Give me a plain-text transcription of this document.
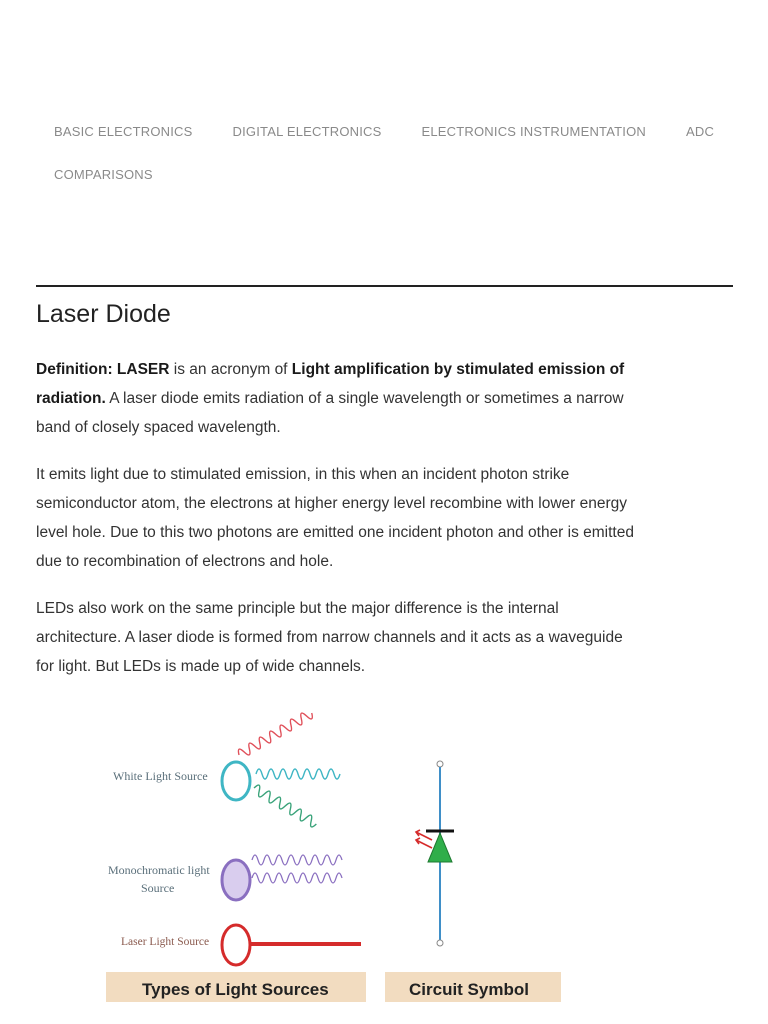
BASIC ELECTRONICS	DIGITAL ELECTRONICS	ELECTRONICS INSTRUMENTATION	ADC
COMPARISONS
Laser Diode

Definition: LASER is an acronym of Light amplification by stimulated emission of radiation. A laser diode emits radiation of a single wavelength or sometimes a narrow band of closely spaced wavelength.

It emits light due to stimulated emission, in this when an incident photon strike semiconductor atom, the electrons at higher energy level recombine with lower energy level hole. Due to this two photons are emitted one incident photon and other is emitted due to recombination of electrons and hole.

LEDs also work on the same principle but the major difference is the internal architecture. A laser diode is formed from narrow channels and it acts as a waveguide for light. But LEDs is made up of wide channels.

White Light Source
Monochromatic light
Source
Laser Light Source
Types of Light Sources	Circuit Symbol
